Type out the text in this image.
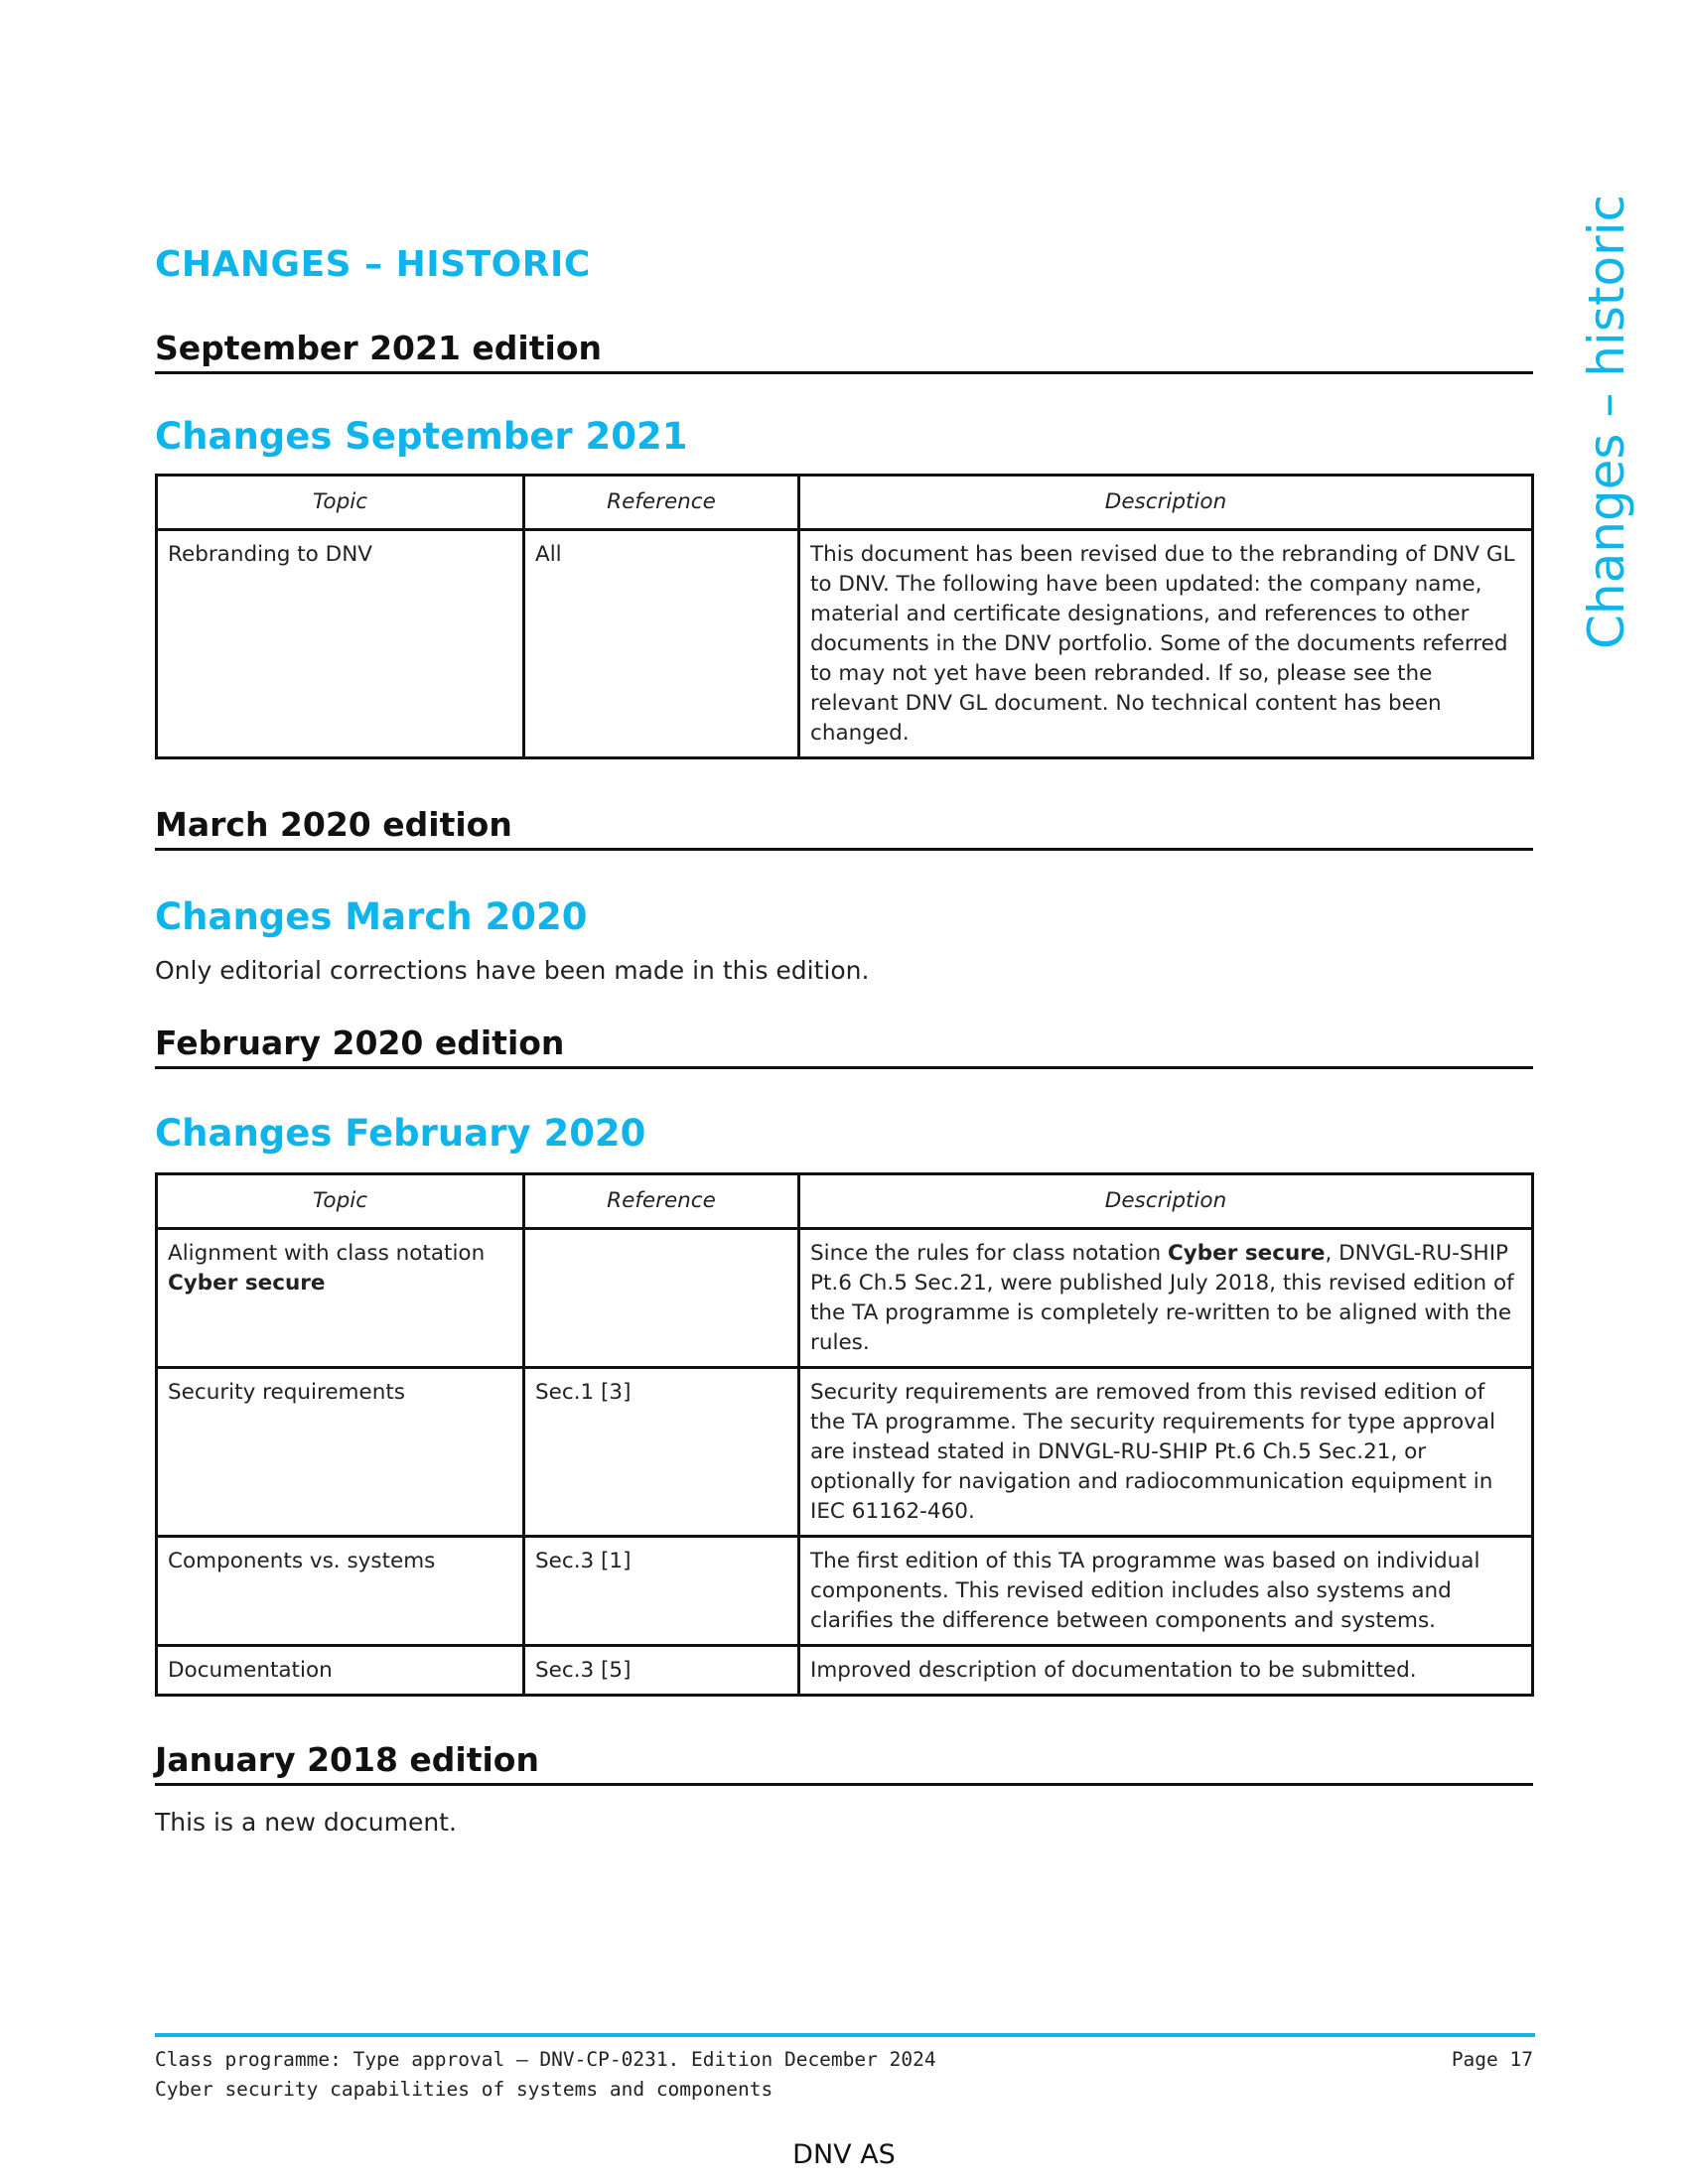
CHANGES – HISTORIC	Changes – historic
September 2021 edition
Changes September 2021
Topic	Reference	Description
Rebranding to DNV	All	This document has been revised due to the rebranding of DNV GL to DNV. The following have been updated: the company name, material and certificate designations, and references to other documents in the DNV portfolio. Some of the documents referred to may not yet have been rebranded. If so, please see the relevant DNV GL document. No technical content has been changed.
March 2020 edition
Changes March 2020
Only editorial corrections have been made in this edition.
February 2020 edition
Changes February 2020
Topic	Reference	Description
Alignment with class notation
Cyber secure		Since the rules for class notation Cyber secure, DNVGL-RU-SHIP Pt.6 Ch.5 Sec.21, were published July 2018, this revised edition of the TA programme is completely re-written to be aligned with the rules.
Security requirements	Sec.1 [3]	Security requirements are removed from this revised edition of the TA programme. The security requirements for type approval are instead stated in DNVGL-RU-SHIP Pt.6 Ch.5 Sec.21, or optionally for navigation and radiocommunication equipment in IEC 61162-460.
Components vs. systems	Sec.3 [1]	The first edition of this TA programme was based on individual components. This revised edition includes also systems and clarifies the difference between components and systems.
Documentation	Sec.3 [5]	Improved description of documentation to be submitted.
January 2018 edition
This is a new document.
Class programme: Type approval — DNV-CP-0231. Edition December 2024
Cyber security capabilities of systems and components
Page 17
DNV AS
